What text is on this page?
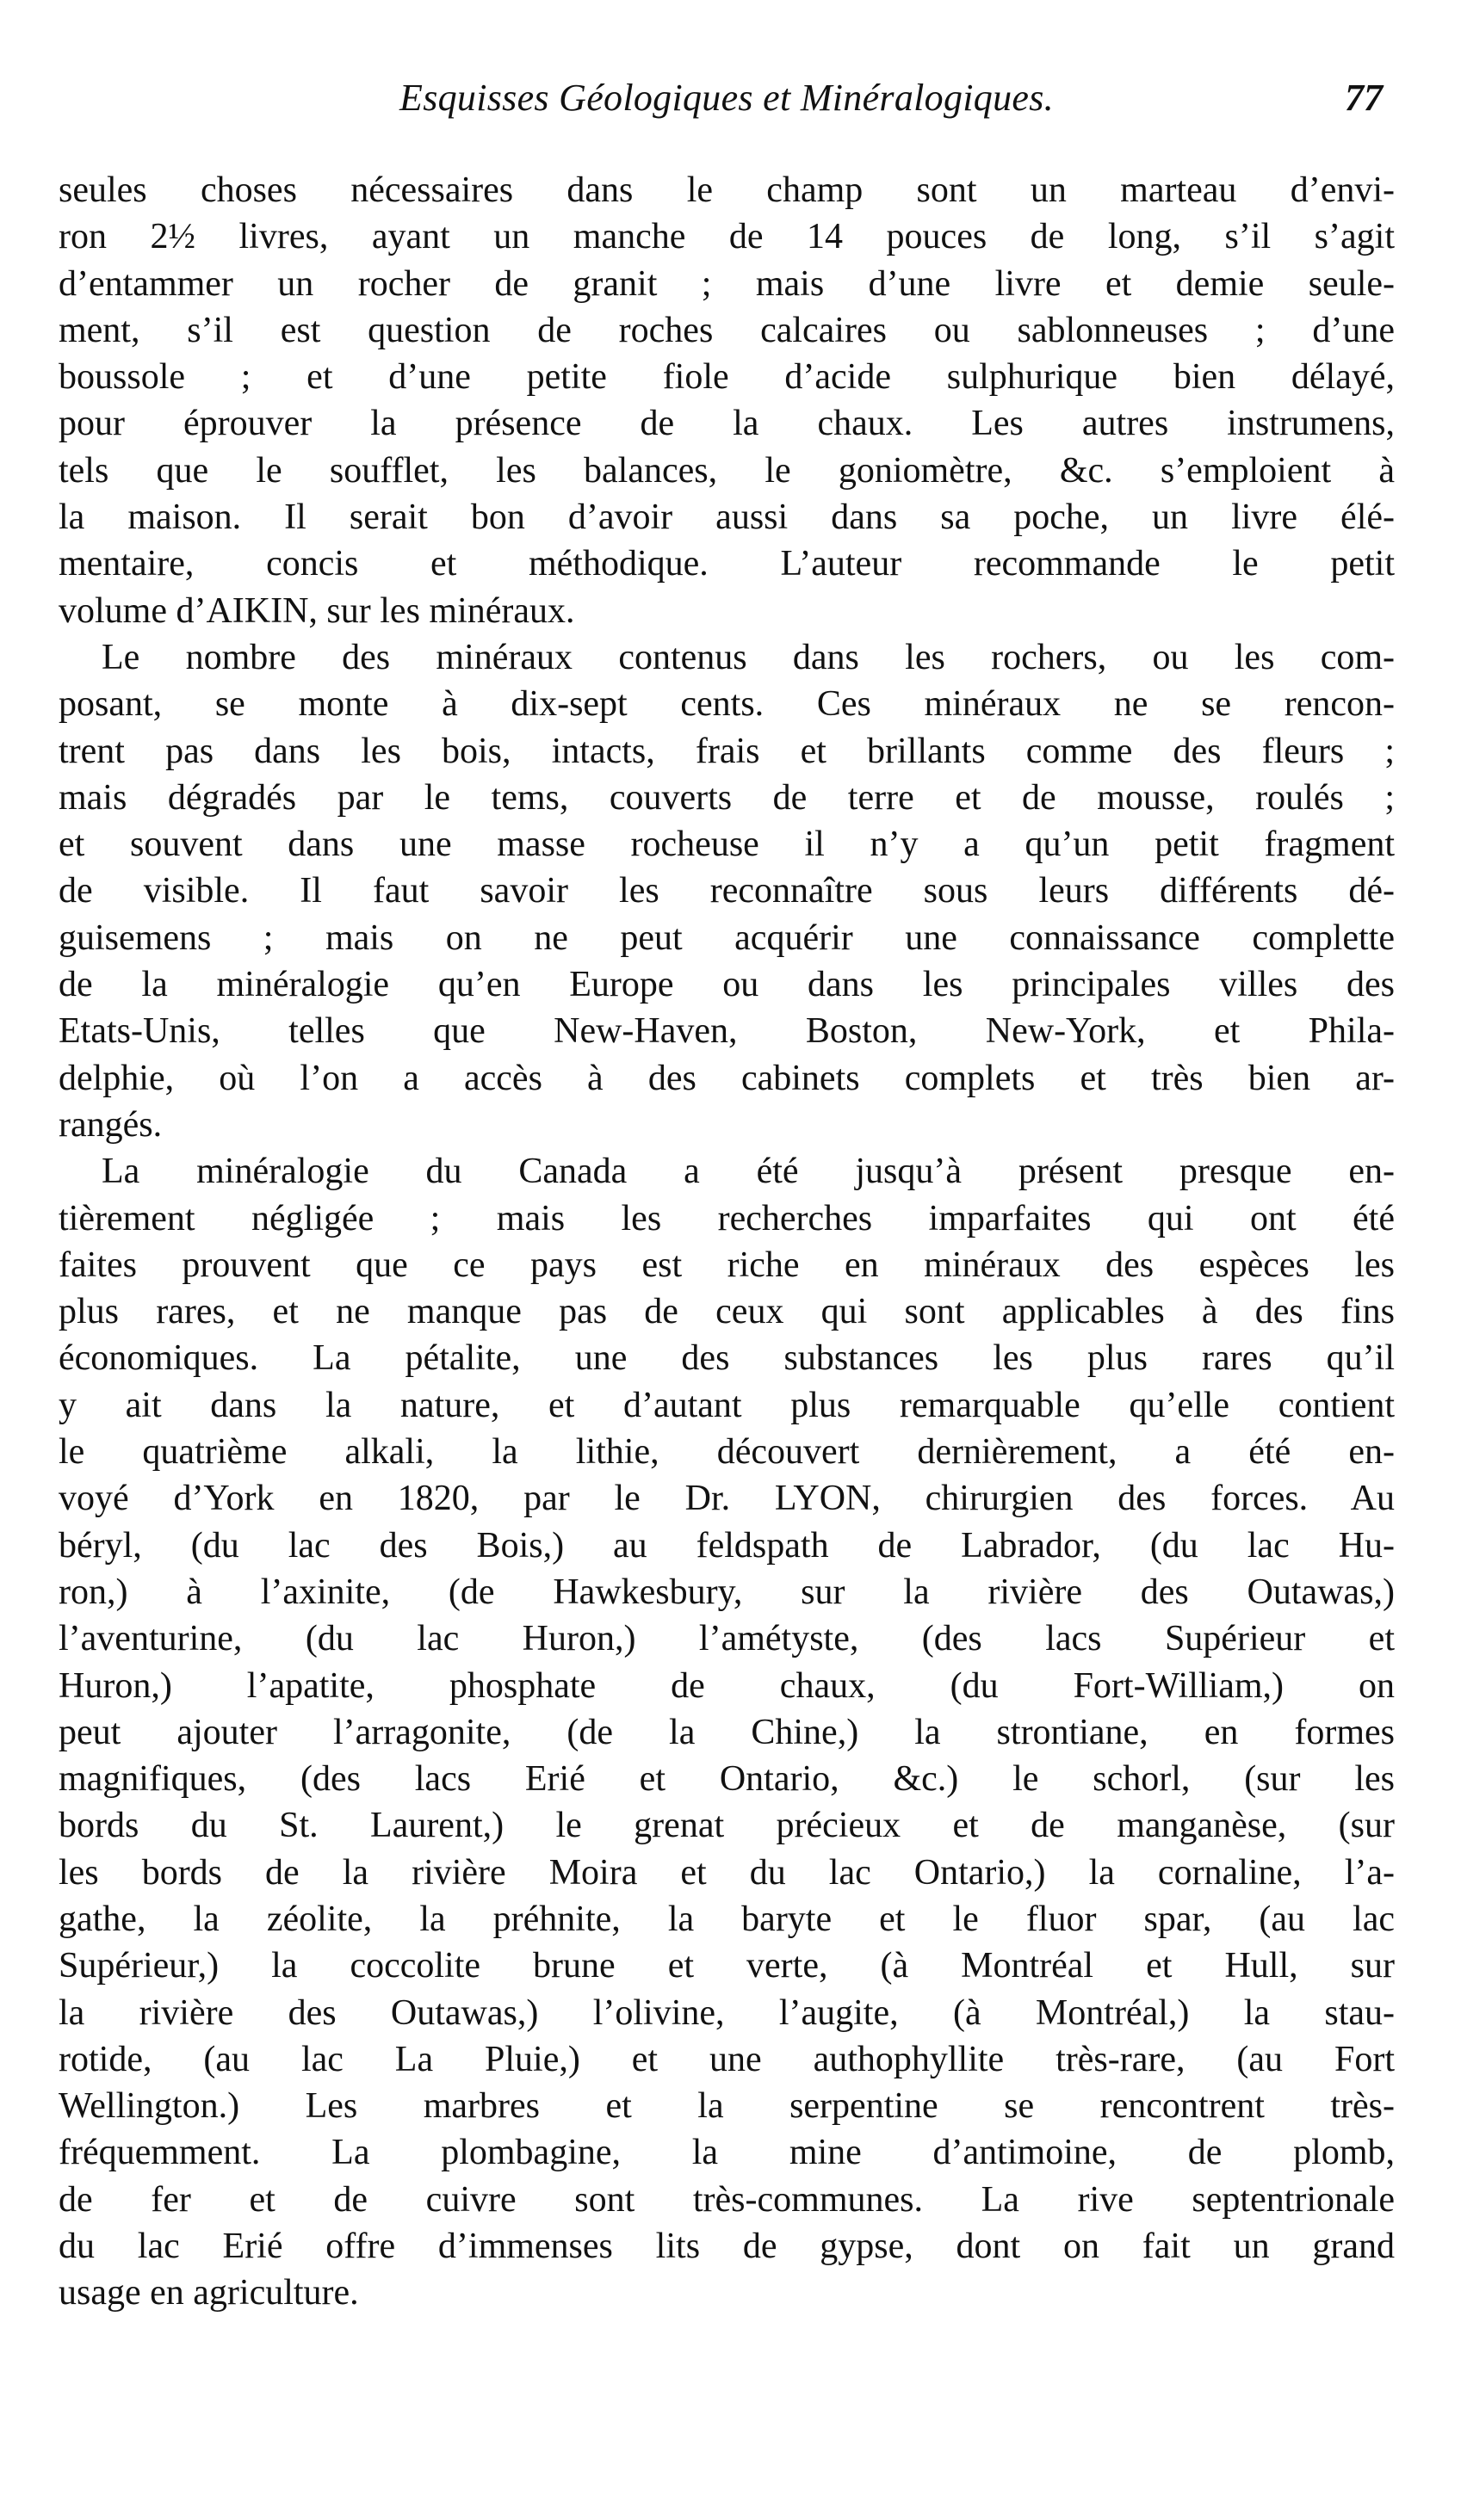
Esquisses Géologiques et Minéralogiques.	77
seules choses nécessaires dans le champ sont un marteau d’envi-
ron 2½ livres, ayant un manche de 14 pouces de long, s’il s’agit
d’entammer un rocher de granit ; mais d’une livre et demie seule-
ment, s’il est question de roches calcaires ou sablonneuses ; d’une
boussole ; et d’une petite fiole d’acide sulphurique bien délayé,
pour éprouver la présence de la chaux. Les autres instrumens,
tels que le soufflet, les balances, le goniomètre, &c. s’emploient à
la maison. Il serait bon d’avoir aussi dans sa poche, un livre élé-
mentaire, concis et méthodique. L’auteur recommande le petit
volume d’AIKIN, sur les minéraux.
Le nombre des minéraux contenus dans les rochers, ou les com-
posant, se monte à dix-sept cents. Ces minéraux ne se rencon-
trent pas dans les bois, intacts, frais et brillants comme des fleurs ;
mais dégradés par le tems, couverts de terre et de mousse, roulés ;
et souvent dans une masse rocheuse il n’y a qu’un petit fragment
de visible. Il faut savoir les reconnaître sous leurs différents dé-
guisemens ; mais on ne peut acquérir une connaissance complette
de la minéralogie qu’en Europe ou dans les principales villes des
Etats-Unis, telles que New-Haven, Boston, New-York, et Phila-
delphie, où l’on a accès à des cabinets complets et très bien ar-
rangés.
La minéralogie du Canada a été jusqu’à présent presque en-
tièrement négligée ; mais les recherches imparfaites qui ont été
faites prouvent que ce pays est riche en minéraux des espèces les
plus rares, et ne manque pas de ceux qui sont applicables à des fins
économiques. La pétalite, une des substances les plus rares qu’il
y ait dans la nature, et d’autant plus remarquable qu’elle contient
le quatrième alkali, la lithie, découvert dernièrement, a été en-
voyé d’York en 1820, par le Dr. LYON, chirurgien des forces. Au
béryl, (du lac des Bois,) au feldspath de Labrador, (du lac Hu-
ron,) à l’axinite, (de Hawkesbury, sur la rivière des Outawas,)
l’aventurine, (du lac Huron,) l’amétyste, (des lacs Supérieur et
Huron,) l’apatite, phosphate de chaux, (du Fort-William,) on
peut ajouter l’arragonite, (de la Chine,) la strontiane, en formes
magnifiques, (des lacs Erié et Ontario, &c.) le schorl, (sur les
bords du St. Laurent,) le grenat précieux et de manganèse, (sur
les bords de la rivière Moira et du lac Ontario,) la cornaline, l’a-
gathe, la zéolite, la préhnite, la baryte et le fluor spar, (au lac
Supérieur,) la coccolite brune et verte, (à Montréal et Hull, sur
la rivière des Outawas,) l’olivine, l’augite, (à Montréal,) la stau-
rotide, (au lac La Pluie,) et une authophyllite très-rare, (au Fort
Wellington.) Les marbres et la serpentine se rencontrent très-
fréquemment. La plombagine, la mine d’antimoine, de plomb,
de fer et de cuivre sont très-communes. La rive septentrionale
du lac Erié offre d’immenses lits de gypse, dont on fait un grand
usage en agriculture.
